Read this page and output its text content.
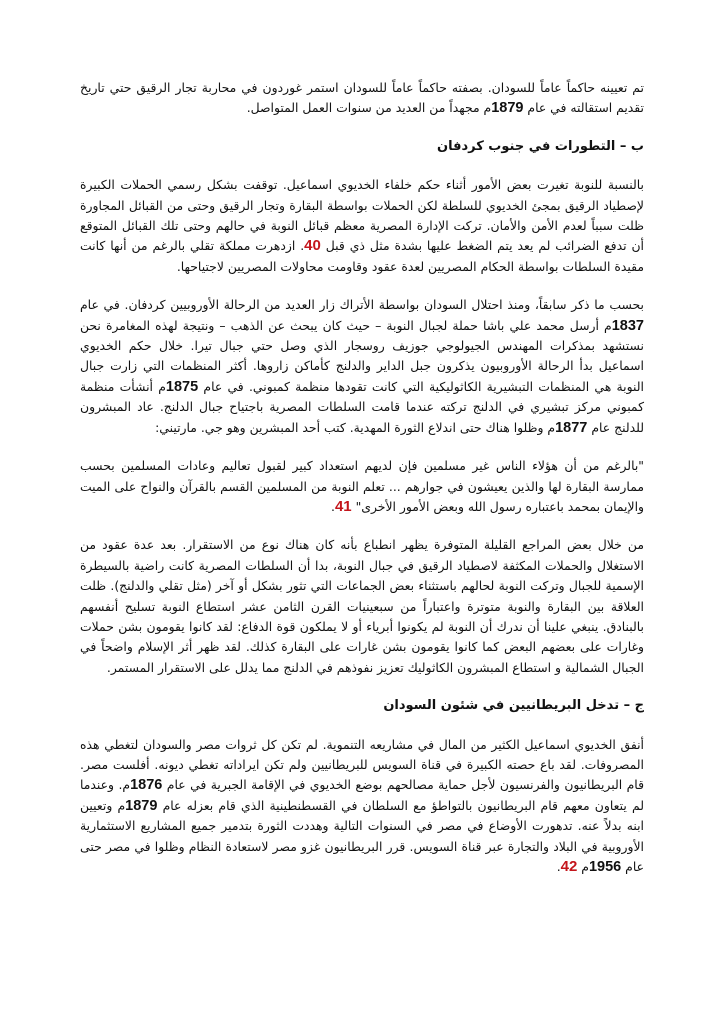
تم تعيينه حاكماً عاماً للسودان. بصفته حاكماً عاماً للسودان استمر غوردون في محاربة تجار الرقيق حتي تاريخ تقديم استقالته في عام 1879م مجهداً من العديد من سنوات العمل المتواصل.

ب – التطورات في جنوب كردفان

بالنسبة للنوبة تغيرت بعض الأمور أثناء حكم خلفاء الخديوي اسماعيل. توقفت بشكل رسمي الحملات الكبيرة لإصطياد الرقيق بمجئ الخديوي للسلطة لكن الحملات بواسطة البقارة وتجار الرقيق وحتى من القبائل المجاورة ظلت سبباً لعدم الأمن والأمان. تركت الإدارة المصرية معظم قبائل النوبة في حالهم وحتى تلك القبائل المتوقع أن تدفع الضرائب لم يعد يتم الضغط عليها بشدة مثل ذي قبل 40. ازدهرت مملكة تقلي بالرغم من أنها كانت مقيدة السلطات بواسطة الحكام المصريين لعدة عقود وقاومت محاولات المصريين لاجتياحها.

بحسب ما ذكر سابقاً، ومنذ احتلال السودان بواسطة الأتراك زار العديد من الرحالة الأوروبيين كردفان. في عام 1837م أرسل محمد علي باشا حملة لجبال النوبة – حيث كان يبحث عن الذهب – ونتيجة لهذه المغامرة نحن نستشهد بمذكرات المهندس الجيولوجي جوزيف روسجار الذي وصل حتي جبال تيرا. خلال حكم الخديوي اسماعيل بدأ الرحالة الأوروبيون يذكرون جبل الداير والدلنج كأماكن زاروها. أكثر المنظمات التي زارت جبال النوبة هي المنظمات التبشيرية الكاثوليكية التي كانت تقودها منظمة كمبوني. في عام 1875م أنشأت منظمة كمبوني مركز تبشيري في الدلنج تركته عندما قامت السلطات المصرية باجتياح جبال الدلنج. عاد المبشرون للدلنج عام 1877م وظلوا هناك حتى اندلاع الثورة المهدية. كتب أحد المبشرين وهو جي. مارتيني:

"بالرغم من أن هؤلاء الناس غير مسلمين فإن لديهم استعداد كبير لقبول تعاليم وعادات المسلمين بحسب ممارسة البقارة لها والذين يعيشون في جوارهم ... تعلم النوبة من المسلمين القسم بالقرآن والنواح على الميت والإيمان بمحمد باعتباره رسول الله وبعض الأمور الأخرى" 41.

من خلال بعض المراجع القليلة المتوفرة يظهر انطباع بأنه كان هناك نوع من الاستقرار. بعد عدة عقود من الاستغلال والحملات المكثفة لاصطياد الرقيق في جبال النوبة، بدا أن السلطات المصرية كانت راضية بالسيطرة الإسمية للجبال وتركت النوبة لحالهم باستثناء بعض الجماعات التي تثور بشكل أو آخر (مثل تقلي والدلنج). ظلت العلاقة بين البقارة والنوبة متوترة واعتباراً من سبعينيات القرن الثامن عشر استطاع النوبة تسليح أنفسهم بالبنادق. ينبغي علينا أن ندرك أن النوبة لم يكونوا أبرياء أو لا يملكون قوة الدفاع: لقد كانوا يقومون بشن حملات وغارات على بعضهم البعض كما كانوا يقومون بشن غارات على البقارة كذلك. لقد ظهر أثر الإسلام واضحاً في الجبال الشمالية و استطاع المبشرون الكاثوليك تعزيز نفوذهم في الدلنج مما يدلل على الاستقرار المستمر.

ج – تدخل البريطانيين في شئون السودان

أنفق الخديوي اسماعيل الكثير من المال في مشاريعه التنموية. لم تكن كل ثروات مصر والسودان لتغطي هذه المصروفات. لقد باع حصته الكبيرة في قناة السويس للبريطانيين ولم تكن ايراداته تغطي ديونه. أفلست مصر. قام البريطانيون والفرنسيون لأجل حماية مصالحهم بوضع الخديوي في الإقامة الجبرية في عام 1876م. وعندما لم يتعاون معهم قام البريطانيون بالتواطؤ مع السلطان في القسطنطينية الذي قام بعزله عام 1879م وتعيين ابنه بدلاً عنه. تدهورت الأوضاع في مصر في السنوات التالية وهددت الثورة بتدمير جميع المشاريع الاستثمارية الأوروبية في البلاد والتجارة عبر قناة السويس. قرر البريطانيون غزو مصر لاستعادة النظام وظلوا في مصر حتى عام 1956م 42.
